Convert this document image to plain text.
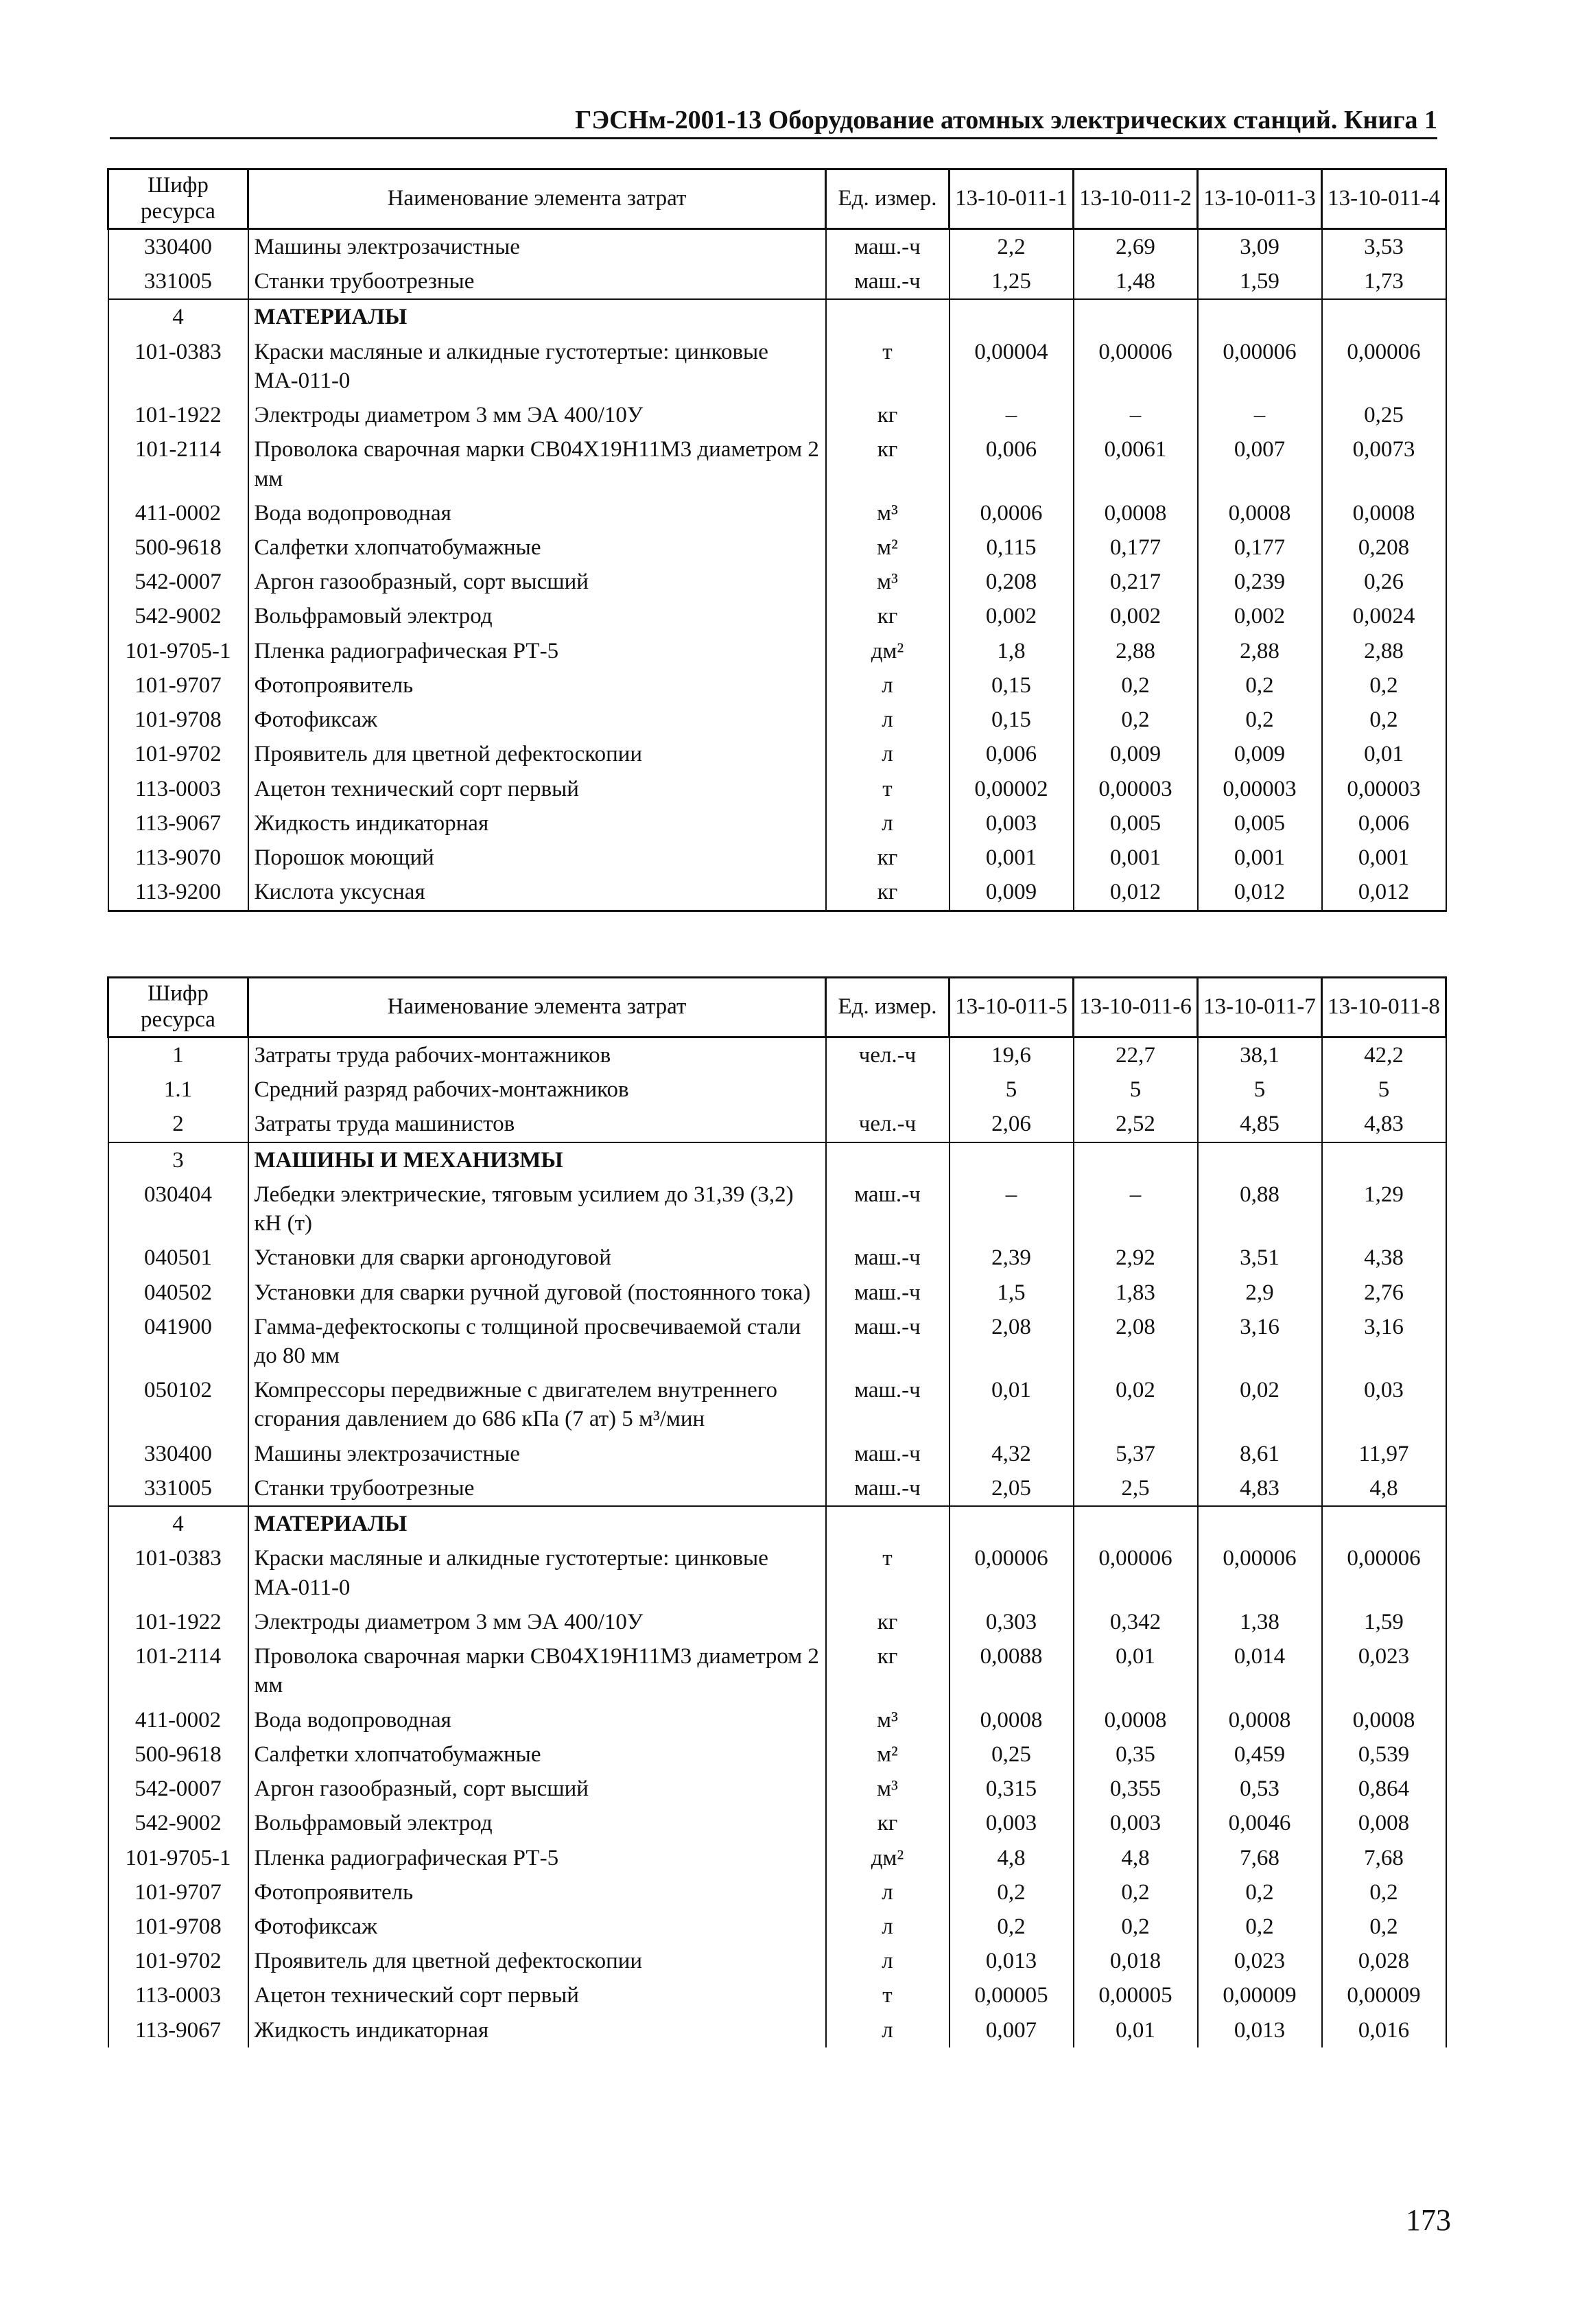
ГЭСНм-2001-13 Оборудование атомных электрических станций. Книга 1
Шифр ресурса	Наименование элемента затрат	Ед. измер.	13-10-011-1	13-10-011-2	13-10-011-3	13-10-011-4
330400	Машины электрозачистные	маш.-ч	2,2	2,69	3,09	3,53
331005	Станки трубоотрезные	маш.-ч	1,25	1,48	1,59	1,73
4	МАТЕРИАЛЫ					
101-0383	Краски масляные и алкидные густотертые: цинковые МА-011-0	т	0,00004	0,00006	0,00006	0,00006
101-1922	Электроды диаметром 3 мм ЭА 400/10У	кг	–	–	–	0,25
101-2114	Проволока сварочная марки СВ04Х19Н11М3 диаметром 2 мм	кг	0,006	0,0061	0,007	0,0073
411-0002	Вода водопроводная	м³	0,0006	0,0008	0,0008	0,0008
500-9618	Салфетки хлопчатобумажные	м²	0,115	0,177	0,177	0,208
542-0007	Аргон газообразный, сорт высший	м³	0,208	0,217	0,239	0,26
542-9002	Вольфрамовый электрод	кг	0,002	0,002	0,002	0,0024
101-9705-1	Пленка радиографическая РТ-5	дм²	1,8	2,88	2,88	2,88
101-9707	Фотопроявитель	л	0,15	0,2	0,2	0,2
101-9708	Фотофиксаж	л	0,15	0,2	0,2	0,2
101-9702	Проявитель для цветной дефектоскопии	л	0,006	0,009	0,009	0,01
113-0003	Ацетон технический сорт первый	т	0,00002	0,00003	0,00003	0,00003
113-9067	Жидкость индикаторная	л	0,003	0,005	0,005	0,006
113-9070	Порошок моющий	кг	0,001	0,001	0,001	0,001
113-9200	Кислота уксусная	кг	0,009	0,012	0,012	0,012
Шифр ресурса	Наименование элемента затрат	Ед. измер.	13-10-011-5	13-10-011-6	13-10-011-7	13-10-011-8
1	Затраты труда рабочих-монтажников	чел.-ч	19,6	22,7	38,1	42,2
1.1	Средний разряд рабочих-монтажников		5	5	5	5
2	Затраты труда машинистов	чел.-ч	2,06	2,52	4,85	4,83
3	МАШИНЫ И МЕХАНИЗМЫ					
030404	Лебедки электрические, тяговым усилием до 31,39 (3,2) кН (т)	маш.-ч	–	–	0,88	1,29
040501	Установки для сварки аргонодуговой	маш.-ч	2,39	2,92	3,51	4,38
040502	Установки для сварки ручной дуговой (постоянного тока)	маш.-ч	1,5	1,83	2,9	2,76
041900	Гамма-дефектоскопы с толщиной просвечиваемой стали до 80 мм	маш.-ч	2,08	2,08	3,16	3,16
050102	Компрессоры передвижные с двигателем внутреннего сгорания давлением до 686 кПа (7 ат) 5 м³/мин	маш.-ч	0,01	0,02	0,02	0,03
330400	Машины электрозачистные	маш.-ч	4,32	5,37	8,61	11,97
331005	Станки трубоотрезные	маш.-ч	2,05	2,5	4,83	4,8
4	МАТЕРИАЛЫ					
101-0383	Краски масляные и алкидные густотертые: цинковые МА-011-0	т	0,00006	0,00006	0,00006	0,00006
101-1922	Электроды диаметром 3 мм ЭА 400/10У	кг	0,303	0,342	1,38	1,59
101-2114	Проволока сварочная марки СВ04Х19Н11М3 диаметром 2 мм	кг	0,0088	0,01	0,014	0,023
411-0002	Вода водопроводная	м³	0,0008	0,0008	0,0008	0,0008
500-9618	Салфетки хлопчатобумажные	м²	0,25	0,35	0,459	0,539
542-0007	Аргон газообразный, сорт высший	м³	0,315	0,355	0,53	0,864
542-9002	Вольфрамовый электрод	кг	0,003	0,003	0,0046	0,008
101-9705-1	Пленка радиографическая РТ-5	дм²	4,8	4,8	7,68	7,68
101-9707	Фотопроявитель	л	0,2	0,2	0,2	0,2
101-9708	Фотофиксаж	л	0,2	0,2	0,2	0,2
101-9702	Проявитель для цветной дефектоскопии	л	0,013	0,018	0,023	0,028
113-0003	Ацетон технический сорт первый	т	0,00005	0,00005	0,00009	0,00009
113-9067	Жидкость индикаторная	л	0,007	0,01	0,013	0,016
173
